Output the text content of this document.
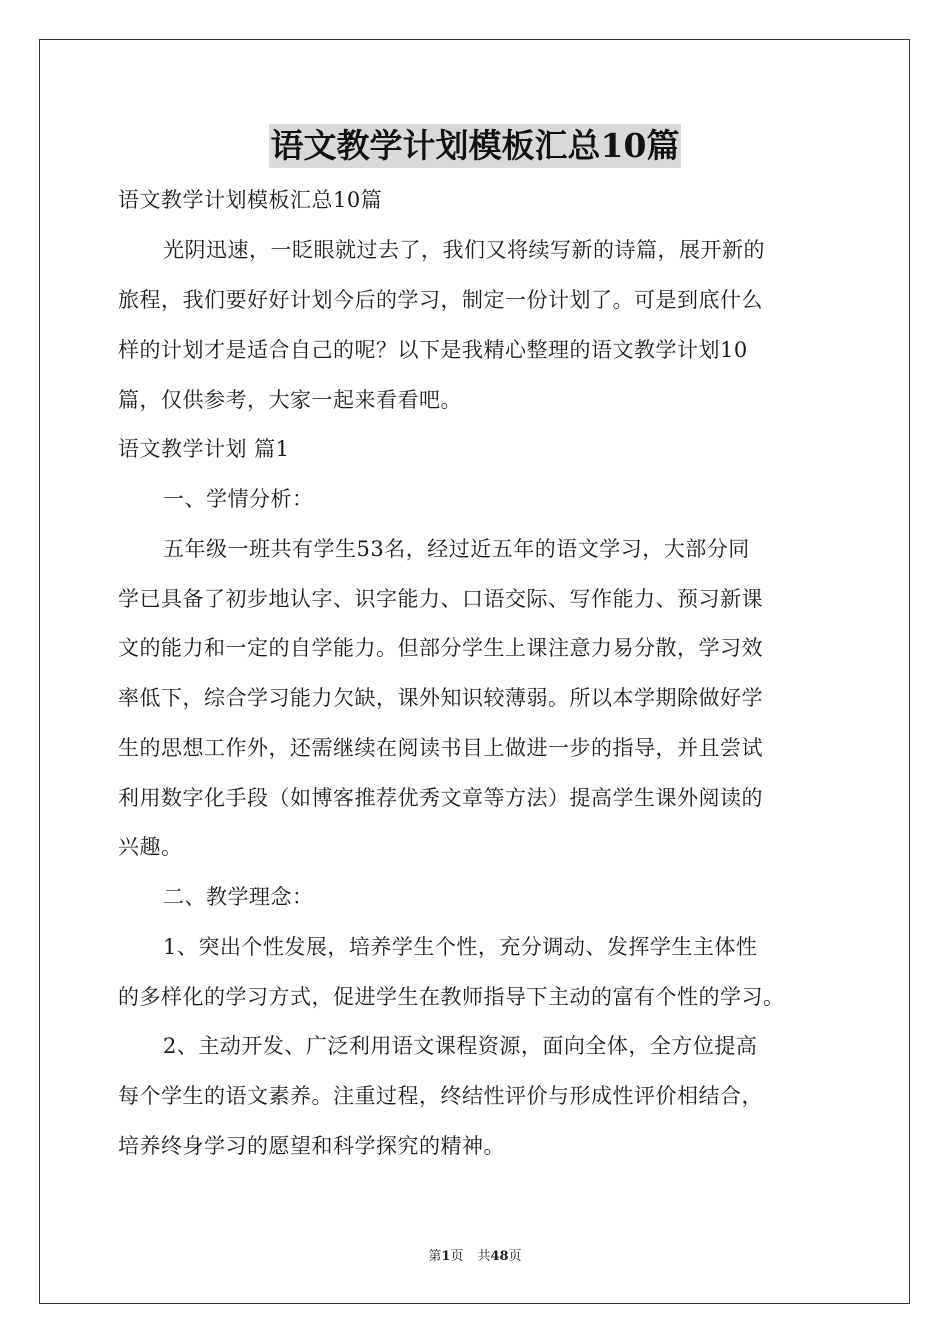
语文教学计划模板汇总10篇
语文教学计划模板汇总10篇
光阴迅速，一眨眼就过去了，我们又将续写新的诗篇，展开新的
旅程，我们要好好计划今后的学习，制定一份计划了。可是到底什么
样的计划才是适合自己的呢？以下是我精心整理的语文教学计划10
篇，仅供参考，大家一起来看看吧。
语文教学计划 篇1
一、学情分析：
五年级一班共有学生53名，经过近五年的语文学习，大部分同
学已具备了初步地认字、识字能力、口语交际、写作能力、预习新课
文的能力和一定的自学能力。但部分学生上课注意力易分散，学习效
率低下，综合学习能力欠缺，课外知识较薄弱。所以本学期除做好学
生的思想工作外，还需继续在阅读书目上做进一步的指导，并且尝试
利用数字化手段（如博客推荐优秀文章等方法）提高学生课外阅读的
兴趣。
二、教学理念：
1、突出个性发展，培养学生个性，充分调动、发挥学生主体性
的多样化的学习方式，促进学生在教师指导下主动的富有个性的学习。
2、主动开发、广泛利用语文课程资源，面向全体，全方位提高
每个学生的语文素养。注重过程，终结性评价与形成性评价相结合，
培养终身学习的愿望和科学探究的精神。
第1页 共48页
